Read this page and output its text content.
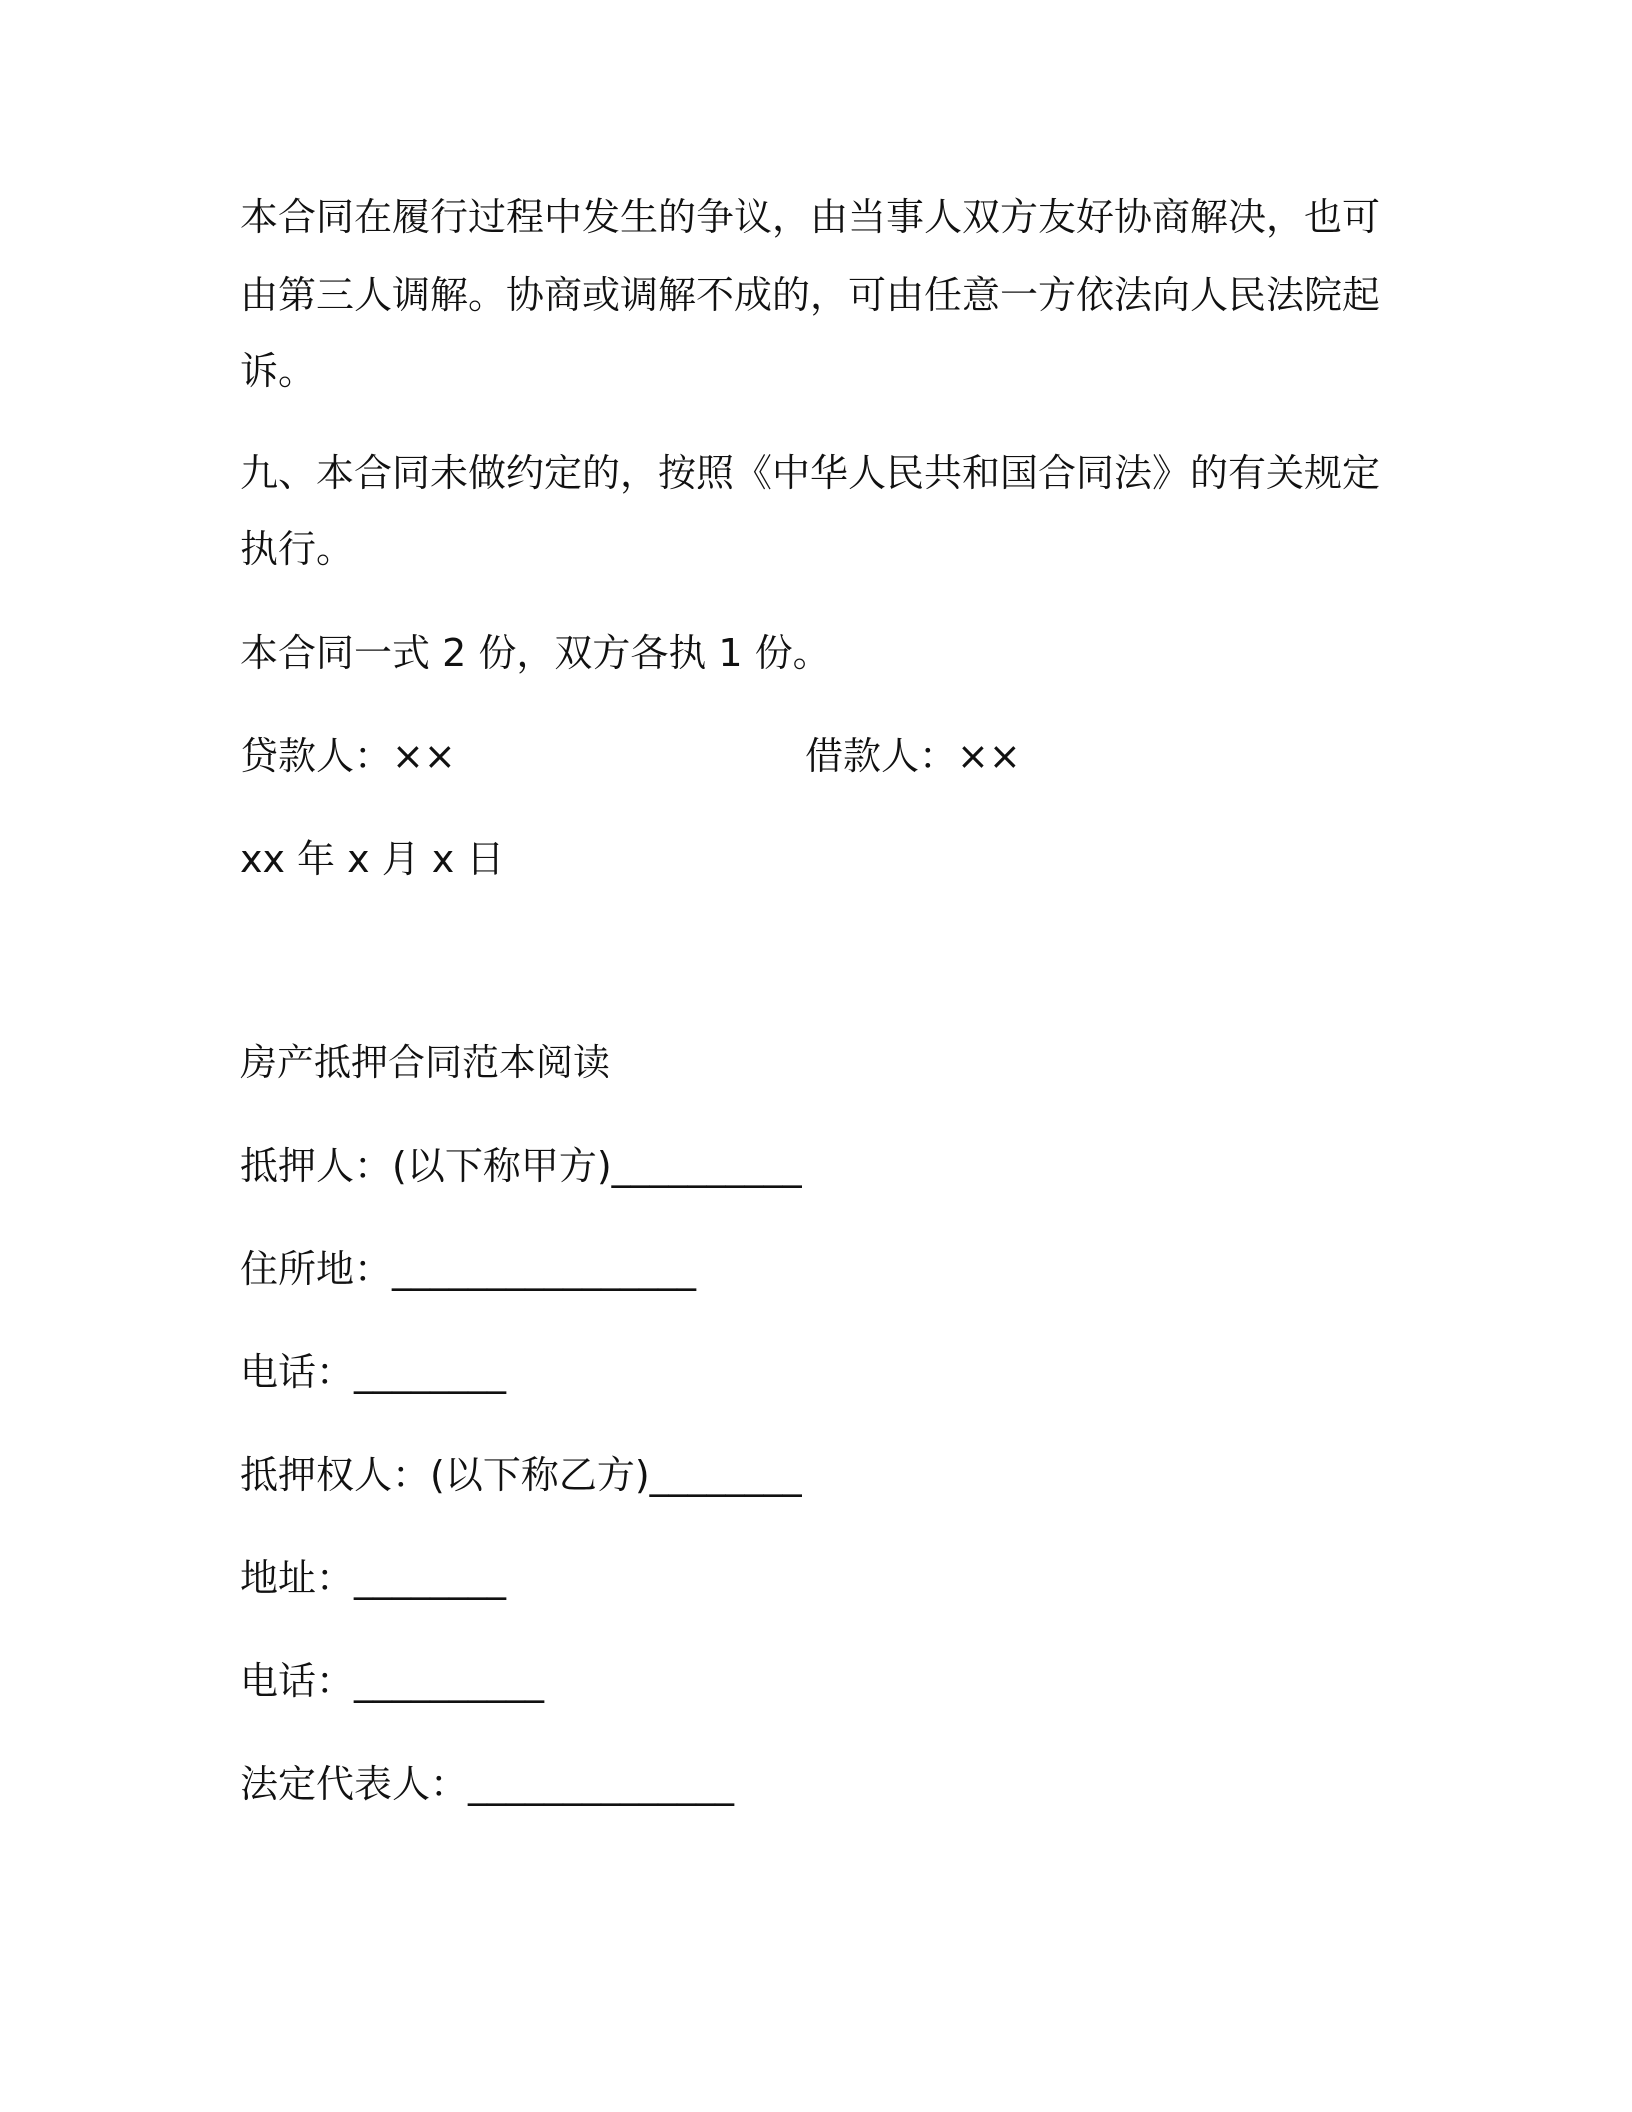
本合同在履行过程中发生的争议，由当事人双方友好协商解决，也可
由第三人调解。协商或调解不成的，可由任意一方依法向人民法院起
诉。
九、本合同未做约定的，按照《中华人民共和国合同法》的有关规定
执行。
本合同一式 2 份，双方各执 1 份。
贷款人：××	借款人：××
xx 年 x 月 x 日
房产抵押合同范本阅读
抵押人：(以下称甲方)__________
住所地：________________
电话：________
抵押权人：(以下称乙方)________
地址：________
电话：__________
法定代表人：______________
